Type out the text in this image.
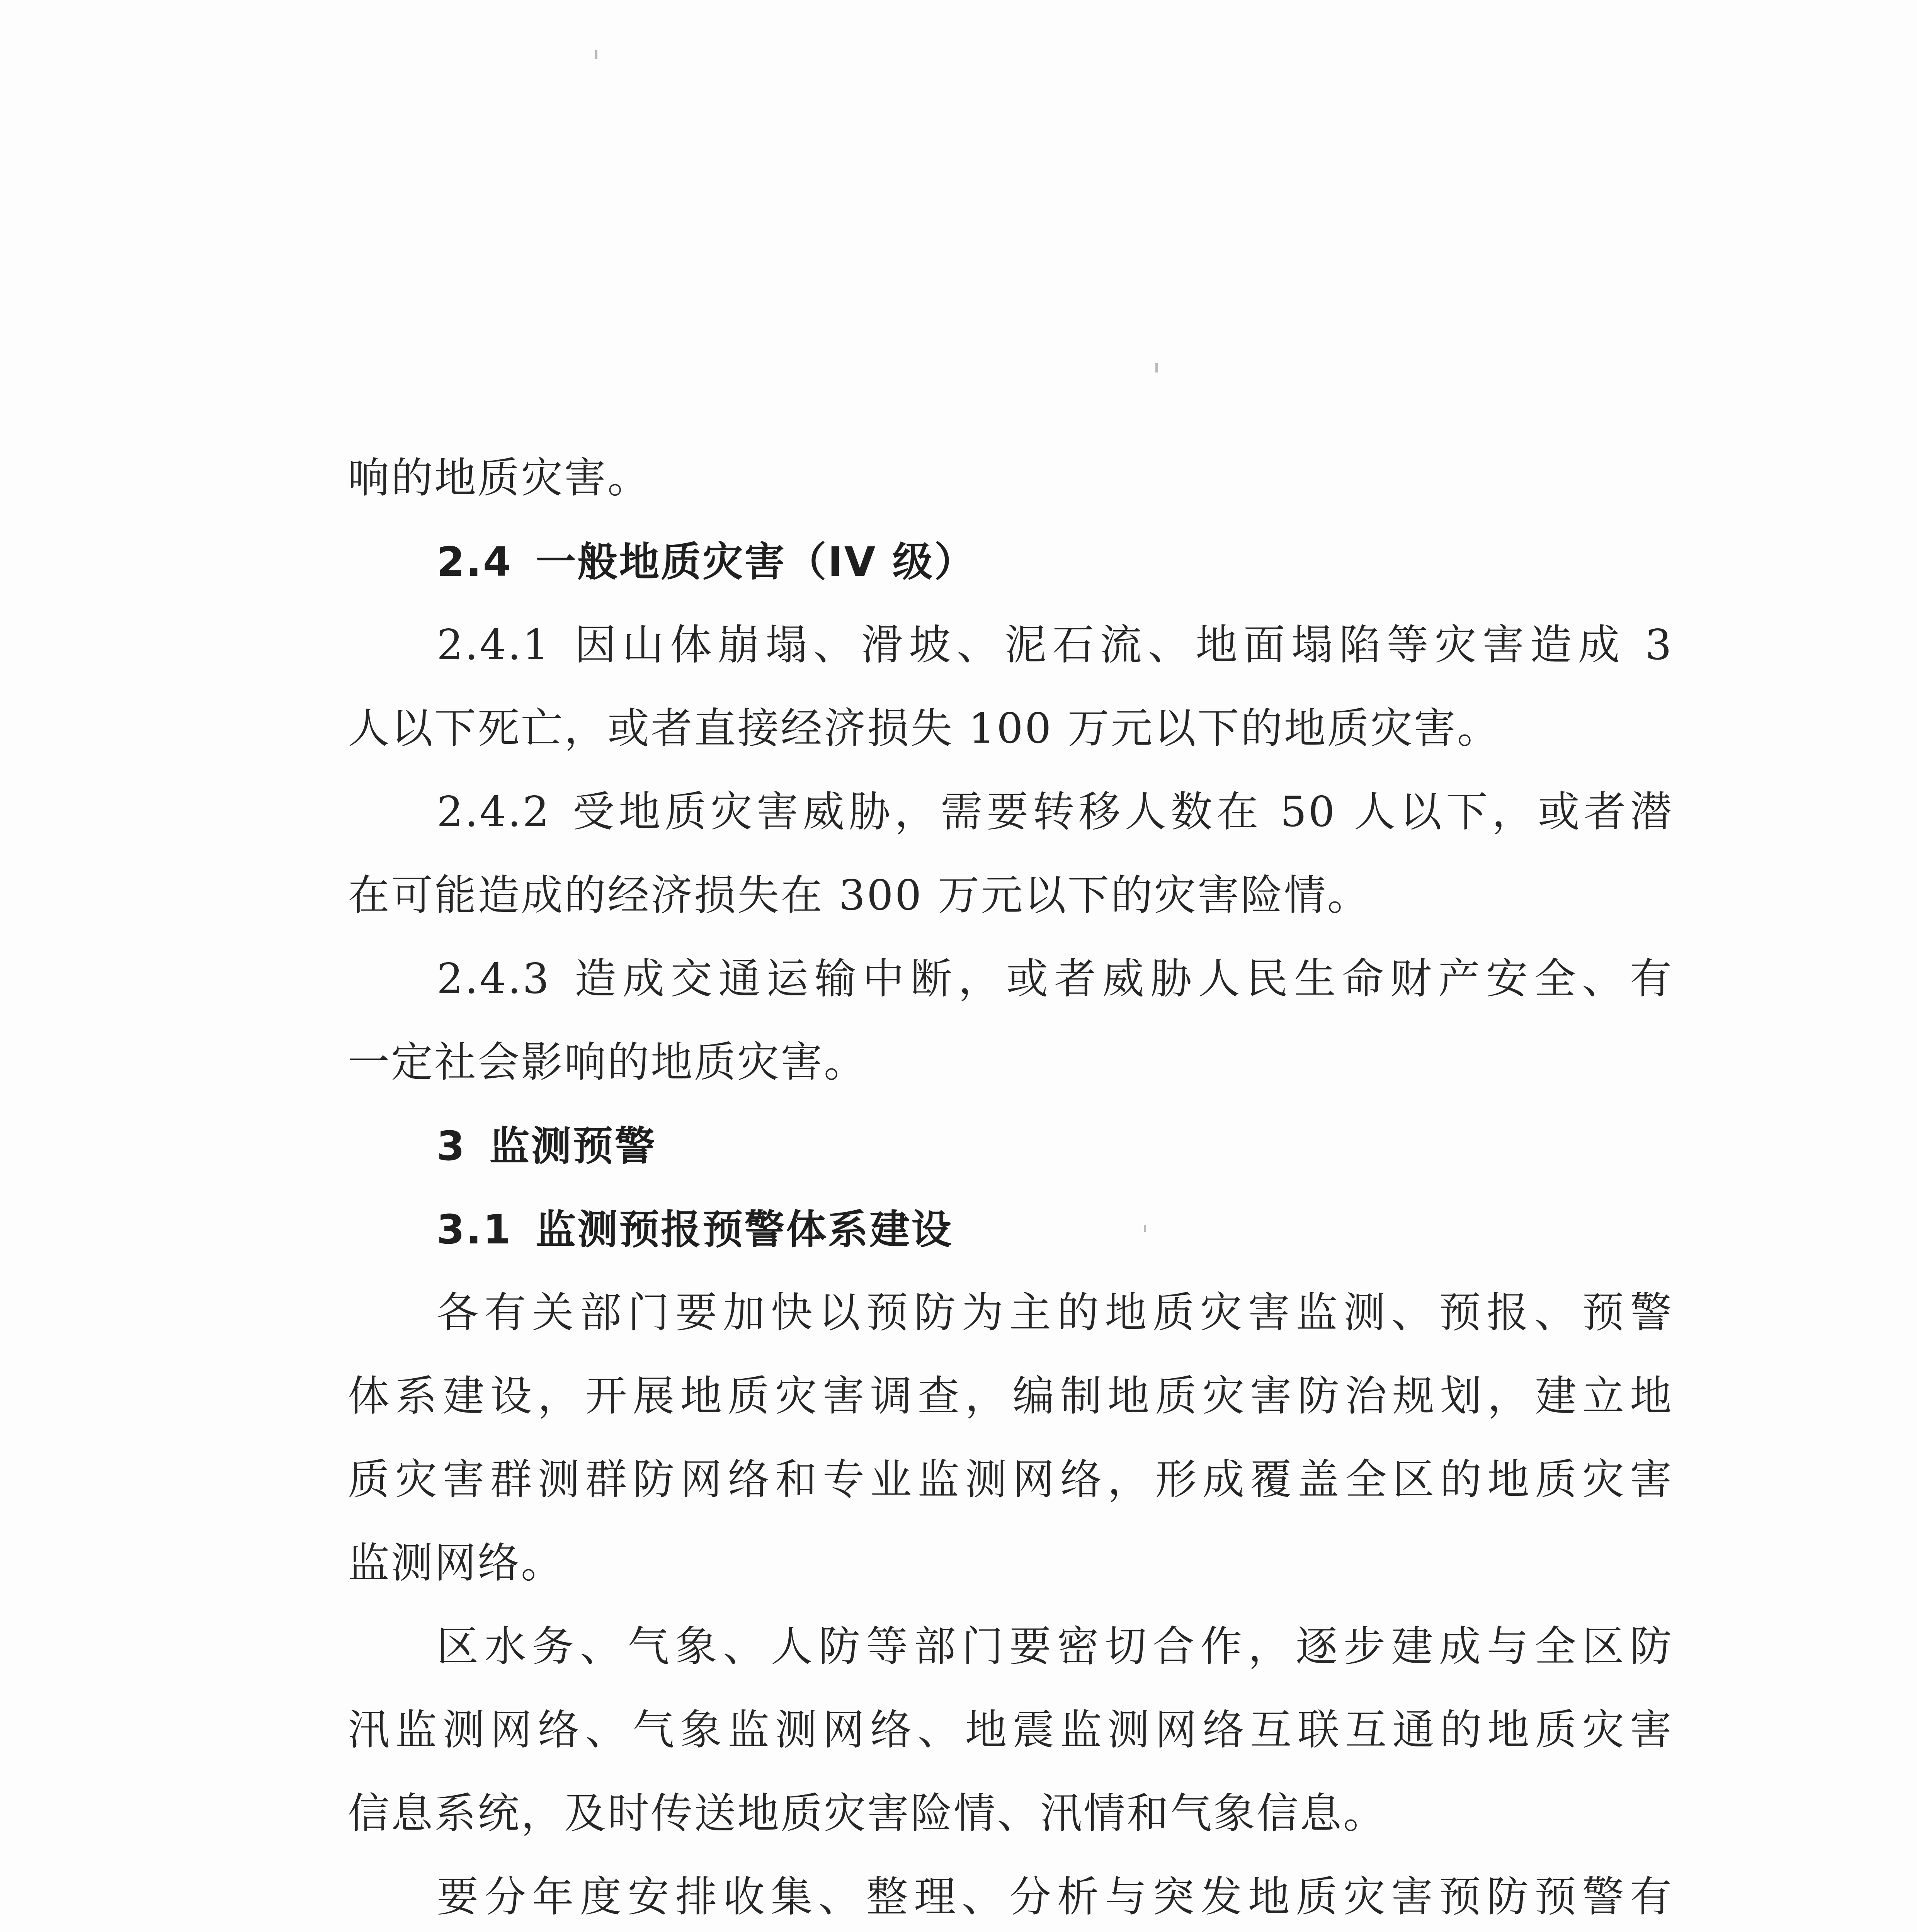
响的地质灾害。
2.4 一般地质灾害（IV 级）
2.4.1 因山体崩塌、滑坡、泥石流、地面塌陷等灾害造成 3
人以下死亡，或者直接经济损失 100 万元以下的地质灾害。
2.4.2 受地质灾害威胁，需要转移人数在 50 人以下，或者潜
在可能造成的经济损失在 300 万元以下的灾害险情。
2.4.3 造成交通运输中断，或者威胁人民生命财产安全、有
一定社会影响的地质灾害。
3 监测预警
3.1 监测预报预警体系建设
各有关部门要加快以预防为主的地质灾害监测、预报、预警
体系建设，开展地质灾害调查，编制地质灾害防治规划，建立地
质灾害群测群防网络和专业监测网络，形成覆盖全区的地质灾害
监测网络。
区水务、气象、人防等部门要密切合作，逐步建成与全区防
汛监测网络、气象监测网络、地震监测网络互联互通的地质灾害
信息系统，及时传送地质灾害险情、汛情和气象信息。
要分年度安排收集、整理、分析与突发地质灾害预防预警有
